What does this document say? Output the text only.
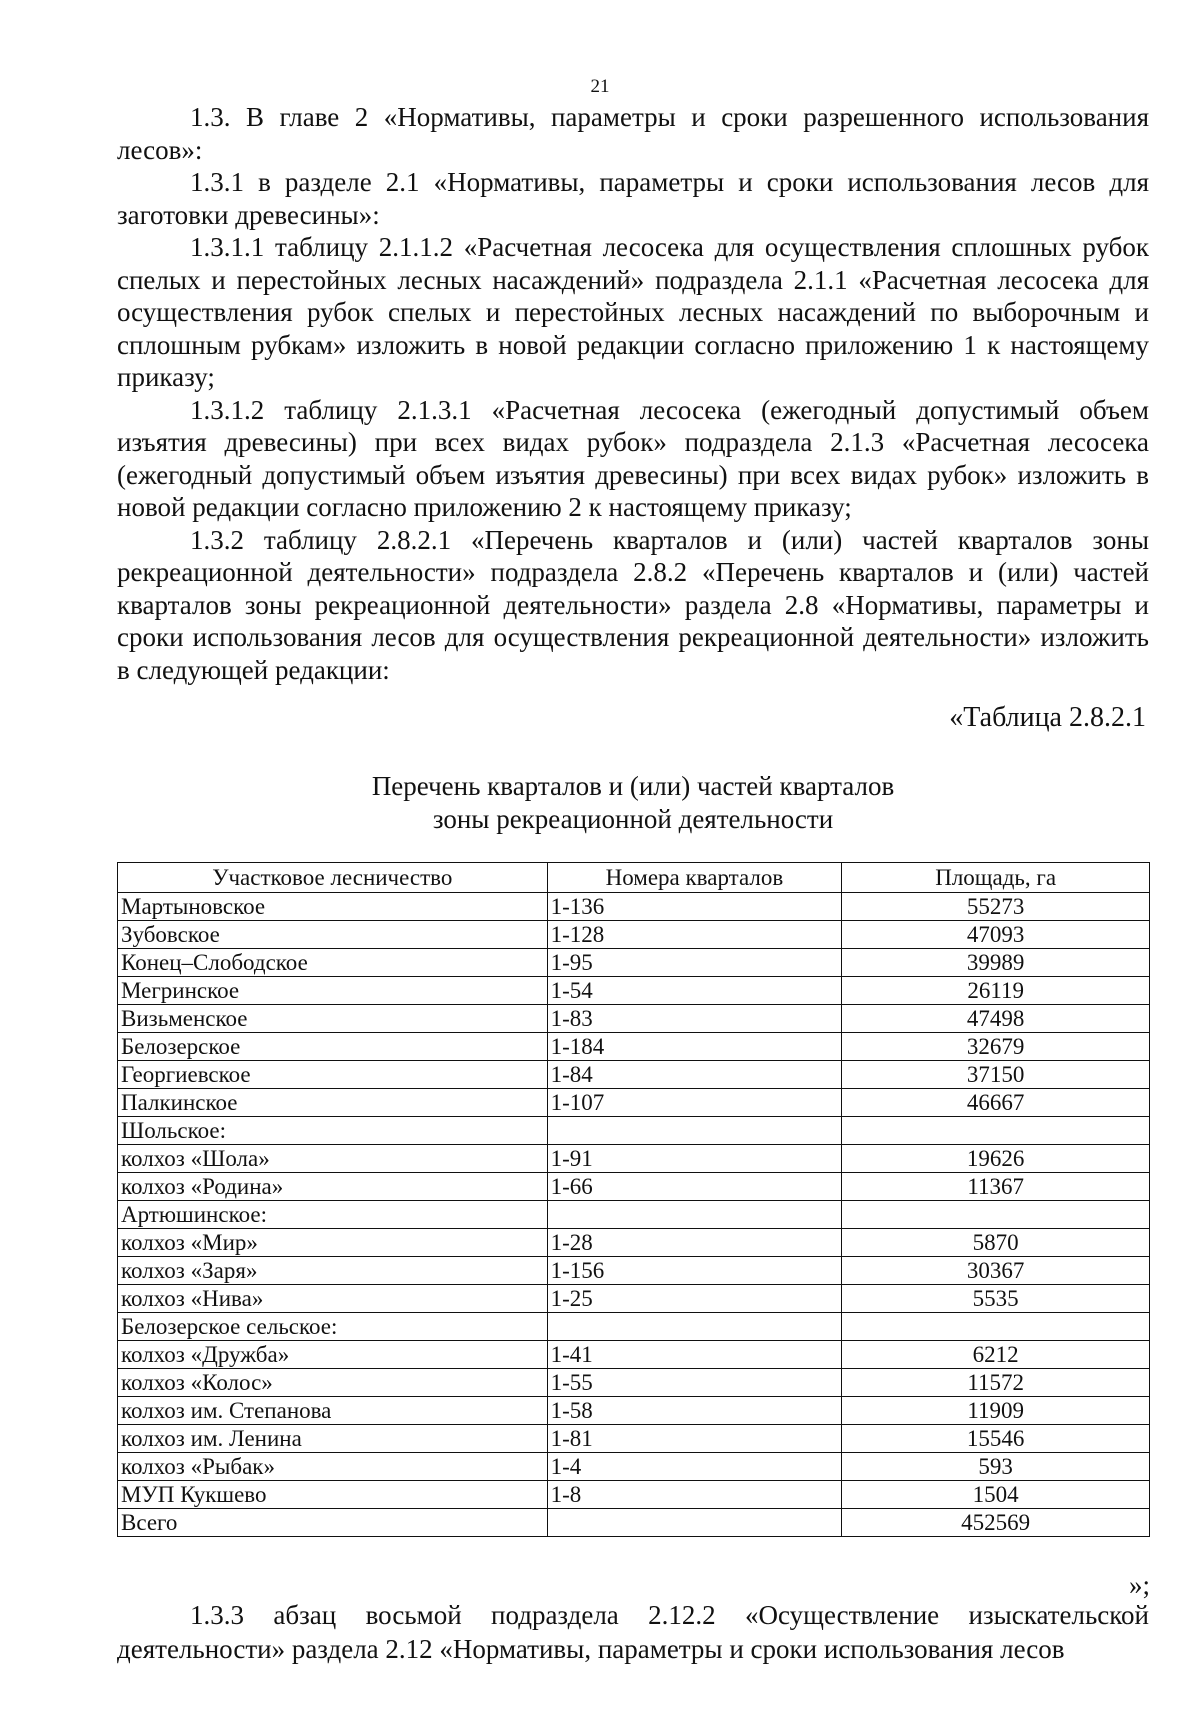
21

1.3. В главе 2 «Нормативы, параметры и сроки разрешенного использования лесов»:

1.3.1 в разделе 2.1 «Нормативы, параметры и сроки использования лесов для заготовки древесины»:

1.3.1.1 таблицу 2.1.1.2 «Расчетная лесосека для осуществления сплошных рубок спелых и перестойных лесных насаждений» подраздела 2.1.1 «Расчетная лесосека для осуществления рубок спелых и перестойных лесных насаждений по выборочным и сплошным рубкам» изложить в новой редакции согласно приложению 1 к настоящему приказу;

1.3.1.2 таблицу 2.1.3.1 «Расчетная лесосека (ежегодный допустимый объем изъятия древесины) при всех видах рубок» подраздела 2.1.3 «Расчетная лесосека (ежегодный допустимый объем изъятия древесины) при всех видах рубок» изложить в новой редакции согласно приложению 2 к настоящему приказу;

1.3.2 таблицу 2.8.2.1 «Перечень кварталов и (или) частей кварталов зоны рекреационной деятельности» подраздела 2.8.2 «Перечень кварталов и (или) частей кварталов зоны рекреационной деятельности» раздела 2.8 «Нормативы, параметры и сроки использования лесов для осуществления рекреационной деятельности» изложить в следующей редакции:

«Таблица 2.8.2.1
Перечень кварталов и (или) частей кварталов
зоны рекреационной деятельности
Участковое лесничество	Номера кварталов	Площадь, га
Мартыновское	1-136	55273
Зубовское	1-128	47093
Конец–Слободское	1-95	39989
Мегринское	1-54	26119
Визьменское	1-83	47498
Белозерское	1-184	32679
Георгиевское	1-84	37150
Палкинское	1-107	46667
Шольское:		
колхоз «Шола»	1-91	19626
колхоз «Родина»	1-66	11367
Артюшинское:		
колхоз «Мир»	1-28	5870
колхоз «Заря»	1-156	30367
колхоз «Нива»	1-25	5535
Белозерское сельское:		
колхоз «Дружба»	1-41	6212
колхоз «Колос»	1-55	11572
колхоз им. Степанова	1-58	11909
колхоз им. Ленина	1-81	15546
колхоз «Рыбак»	1-4	593
МУП Кукшево	1-8	1504
Всего		452569
»;

1.3.3 абзац восьмой подраздела 2.12.2 «Осуществление изыскательской деятельности» раздела 2.12 «Нормативы, параметры и сроки использования лесов
